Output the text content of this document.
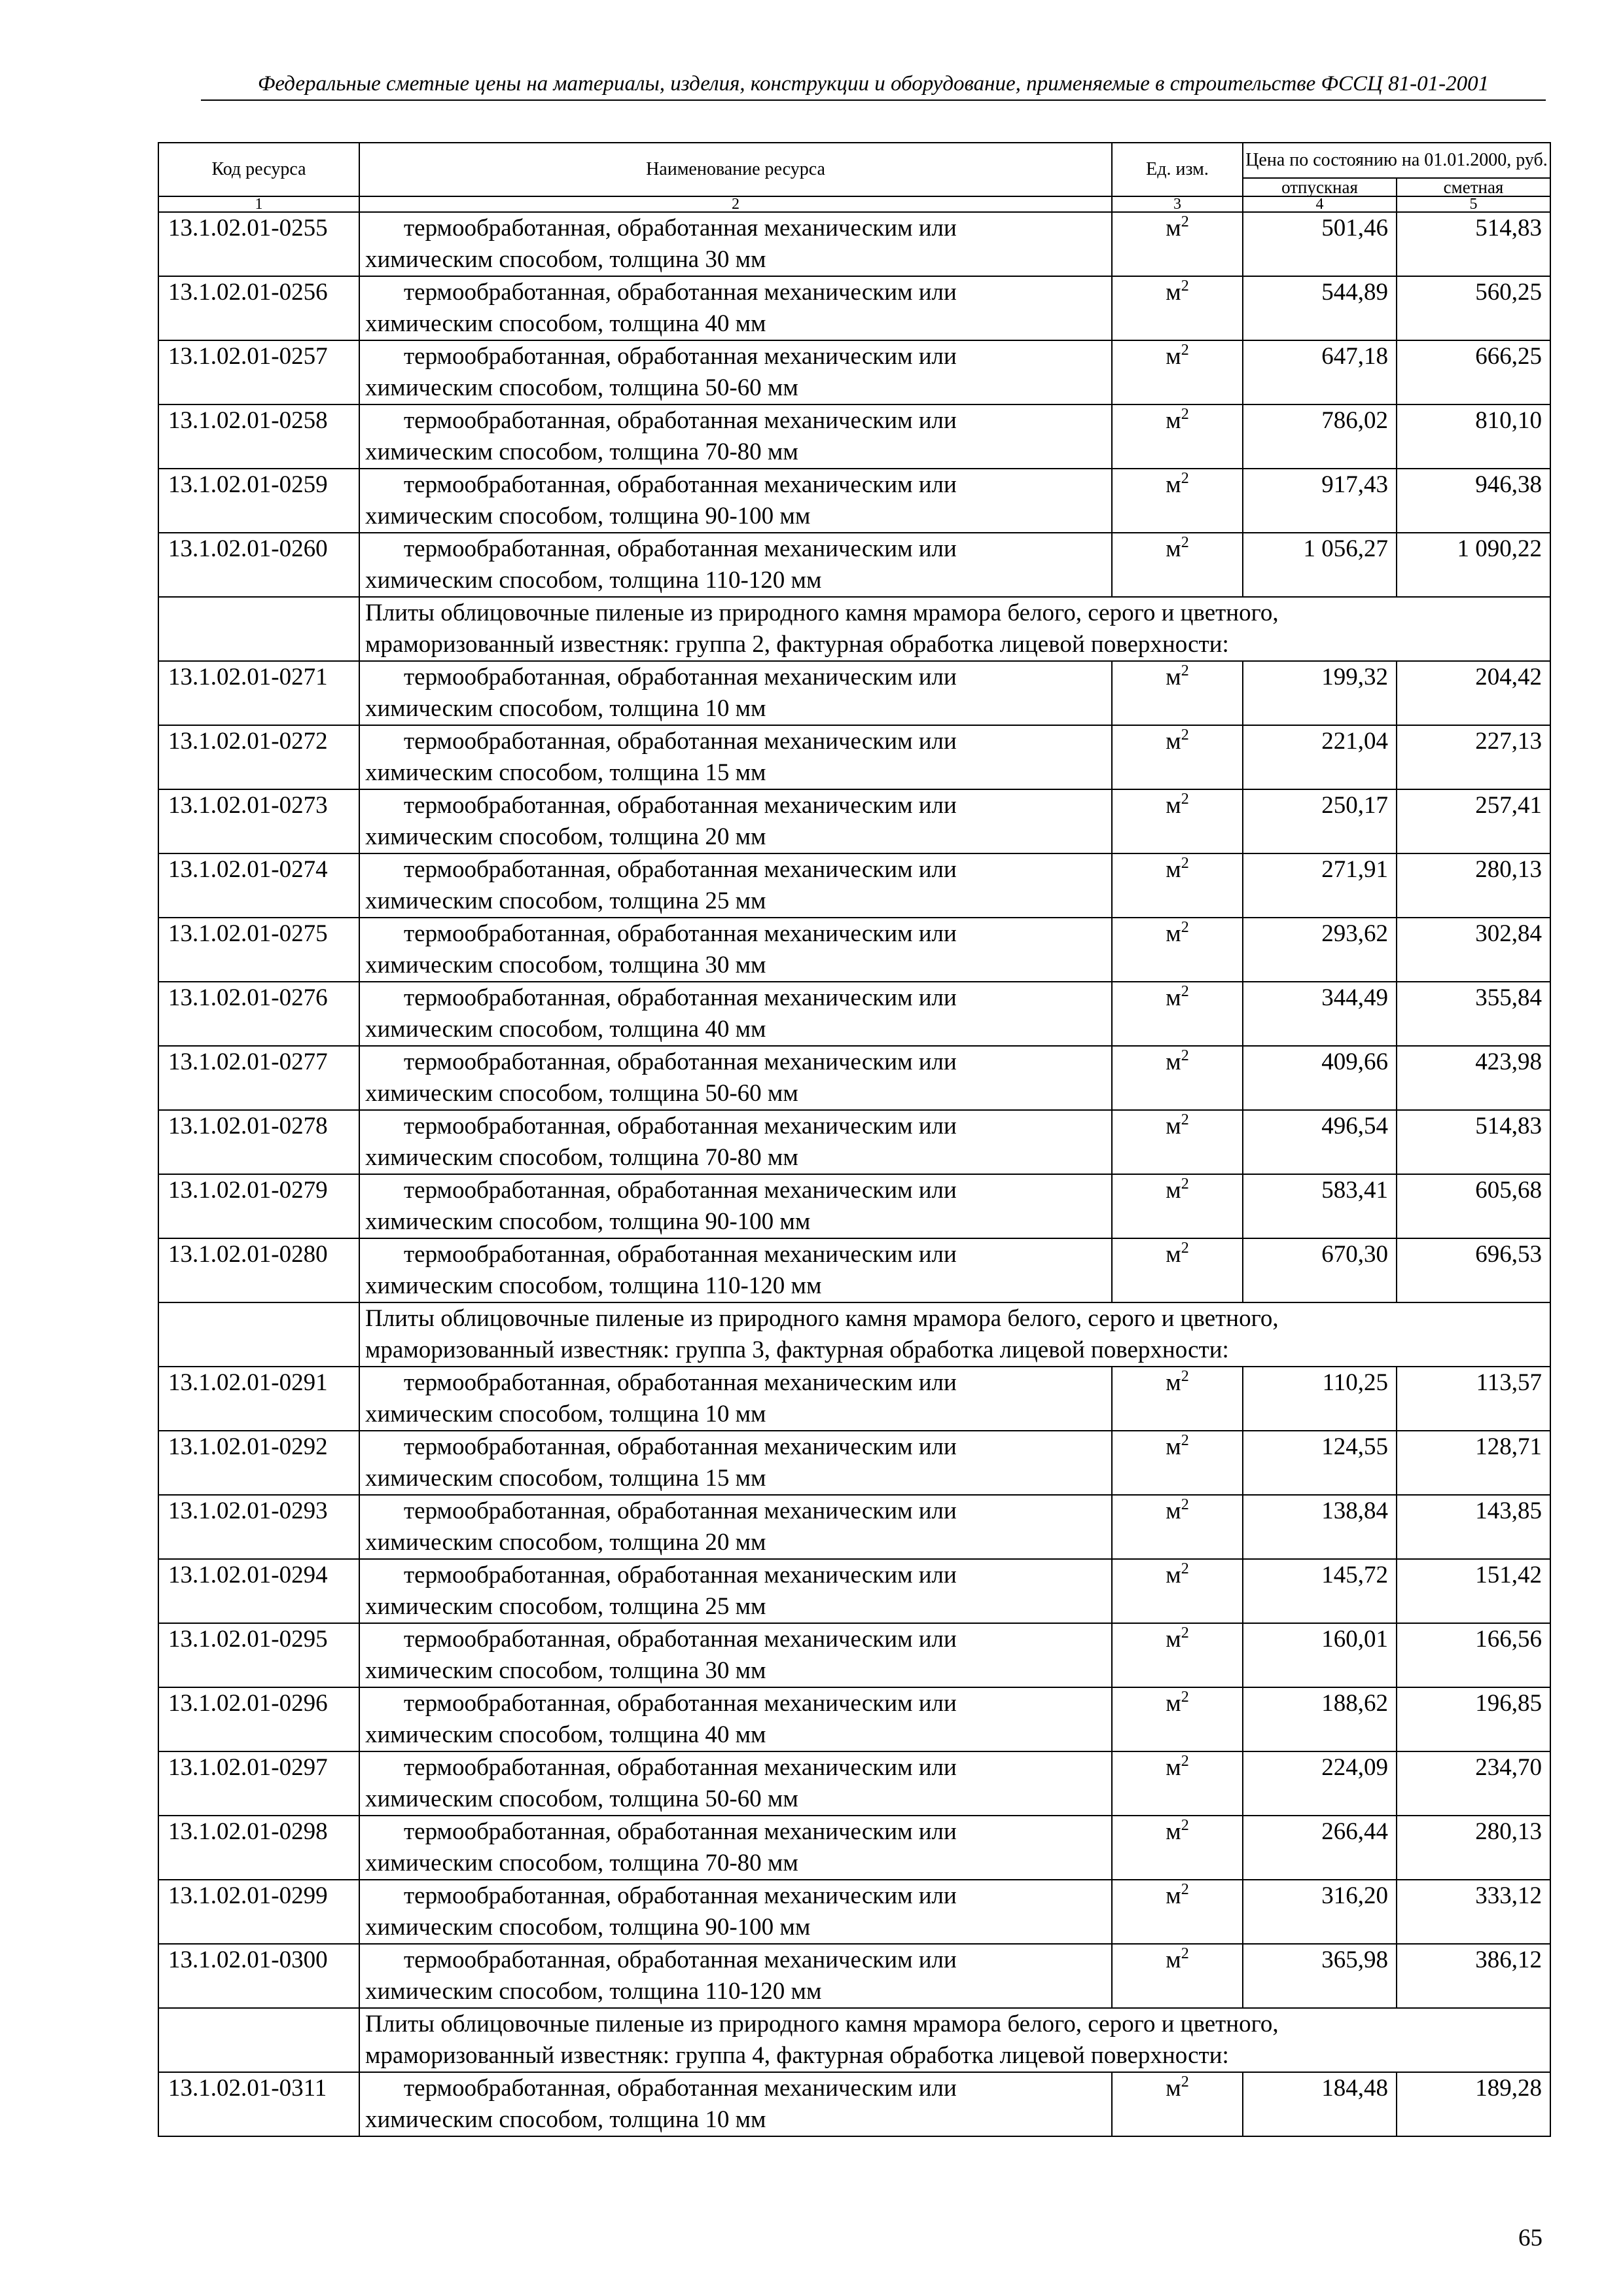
Федеральные сметные цены на материалы, изделия, конструкции и оборудование, применяемые в строительстве ФССЦ 81-01-2001
Код ресурса	Наименование ресурса	Ед. изм.	Цена по состоянию на 01.01.2000, руб.	
			отпускная	сметная
1	2	3	4	5
13.1.02.01-0255	термообработанная, обработанная механическим или
химическим способом, толщина 30 мм	$м^2$	501,46	514,83
13.1.02.01-0256	термообработанная, обработанная механическим или
химическим способом, толщина 40 мм	$м^2$	544,89	560,25
13.1.02.01-0257	термообработанная, обработанная механическим или
химическим способом, толщина 50-60 мм	$м^2$	647,18	666,25
13.1.02.01-0258	термообработанная, обработанная механическим или
химическим способом, толщина 70-80 мм	$м^2$	786,02	810,10
13.1.02.01-0259	термообработанная, обработанная механическим или
химическим способом, толщина 90-100 мм	$м^2$	917,43	946,38
13.1.02.01-0260	термообработанная, обработанная механическим или
химическим способом, толщина 110-120 мм	$м^2$	1 056,27	1 090,22

	Плиты облицовочные пиленые из природного камня мрамора белого, серого и цветного,
мраморизованный известняк: группа 2, фактурная обработка лицевой поверхности:			

13.1.02.01-0271	термообработанная, обработанная механическим или
химическим способом, толщина 10 мм	$м^2$	199,32	204,42
13.1.02.01-0272	термообработанная, обработанная механическим или
химическим способом, толщина 15 мм	$м^2$	221,04	227,13
13.1.02.01-0273	термообработанная, обработанная механическим или
химическим способом, толщина 20 мм	$м^2$	250,17	257,41
13.1.02.01-0274	термообработанная, обработанная механическим или
химическим способом, толщина 25 мм	$м^2$	271,91	280,13
13.1.02.01-0275	термообработанная, обработанная механическим или
химическим способом, толщина 30 мм	$м^2$	293,62	302,84
13.1.02.01-0276	термообработанная, обработанная механическим или
химическим способом, толщина 40 мм	$м^2$	344,49	355,84
13.1.02.01-0277	термообработанная, обработанная механическим или
химическим способом, толщина 50-60 мм	$м^2$	409,66	423,98
13.1.02.01-0278	термообработанная, обработанная механическим или
химическим способом, толщина 70-80 мм	$м^2$	496,54	514,83
13.1.02.01-0279	термообработанная, обработанная механическим или
химическим способом, толщина 90-100 мм	$м^2$	583,41	605,68
13.1.02.01-0280	термообработанная, обработанная механическим или
химическим способом, толщина 110-120 мм	$м^2$	670,30	696,53

	Плиты облицовочные пиленые из природного камня мрамора белого, серого и цветного,
мраморизованный известняк: группа 3, фактурная обработка лицевой поверхности:			

13.1.02.01-0291	термообработанная, обработанная механическим или
химическим способом, толщина 10 мм	$м^2$	110,25	113,57
13.1.02.01-0292	термообработанная, обработанная механическим или
химическим способом, толщина 15 мм	$м^2$	124,55	128,71
13.1.02.01-0293	термообработанная, обработанная механическим или
химическим способом, толщина 20 мм	$м^2$	138,84	143,85
13.1.02.01-0294	термообработанная, обработанная механическим или
химическим способом, толщина 25 мм	$м^2$	145,72	151,42
13.1.02.01-0295	термообработанная, обработанная механическим или
химическим способом, толщина 30 мм	$м^2$	160,01	166,56
13.1.02.01-0296	термообработанная, обработанная механическим или
химическим способом, толщина 40 мм	$м^2$	188,62	196,85
13.1.02.01-0297	термообработанная, обработанная механическим или
химическим способом, толщина 50-60 мм	$м^2$	224,09	234,70
13.1.02.01-0298	термообработанная, обработанная механическим или
химическим способом, толщина 70-80 мм	$м^2$	266,44	280,13
13.1.02.01-0299	термообработанная, обработанная механическим или
химическим способом, толщина 90-100 мм	$м^2$	316,20	333,12
13.1.02.01-0300	термообработанная, обработанная механическим или
химическим способом, толщина 110-120 мм	$м^2$	365,98	386,12

	Плиты облицовочные пиленые из природного камня мрамора белого, серого и цветного,
мраморизованный известняк: группа 4, фактурная обработка лицевой поверхности:			

13.1.02.01-0311	термообработанная, обработанная механическим или
химическим способом, толщина 10 мм	$м^2$	184,48	189,28
65
